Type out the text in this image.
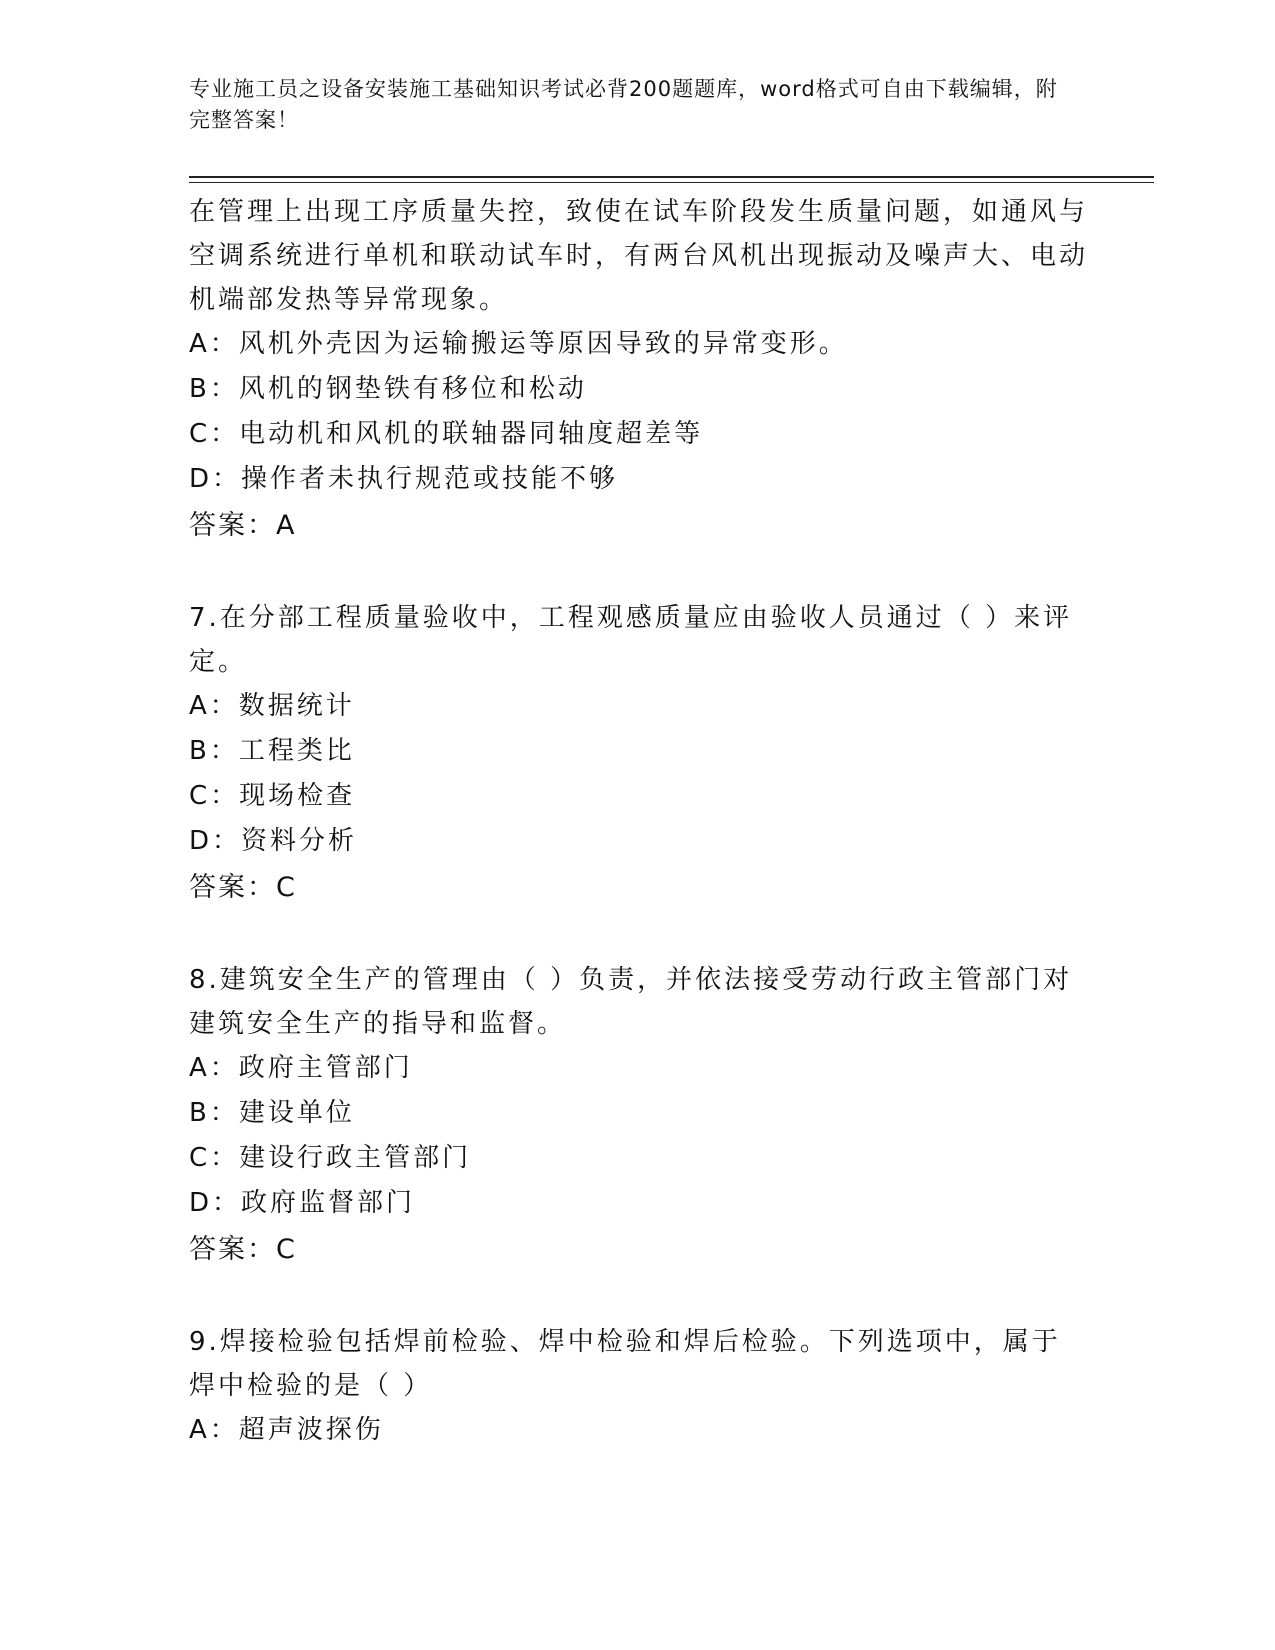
专业施工员之设备安装施工基础知识考试必背200题题库，word格式可自由下载编辑，附完整答案！

在管理上出现工序质量失控，致使在试车阶段发生质量问题，如通风与空调系统进行单机和联动试车时，有两台风机出现振动及噪声大、电动机端部发热等异常现象。

A：风机外壳因为运输搬运等原因导致的异常变形。

B：风机的钢垫铁有移位和松动

C：电动机和风机的联轴器同轴度超差等

D：操作者未执行规范或技能不够

答案：A

7.在分部工程质量验收中，工程观感质量应由验收人员通过（ ）来评定。

A：数据统计

B：工程类比

C：现场检查

D：资料分析

答案：C

8.建筑安全生产的管理由（ ）负责，并依法接受劳动行政主管部门对建筑安全生产的指导和监督。

A：政府主管部门

B：建设单位

C：建设行政主管部门

D：政府监督部门

答案：C

9.焊接检验包括焊前检验、焊中检验和焊后检验。下列选项中，属于焊中检验的是（ ）

A：超声波探伤
